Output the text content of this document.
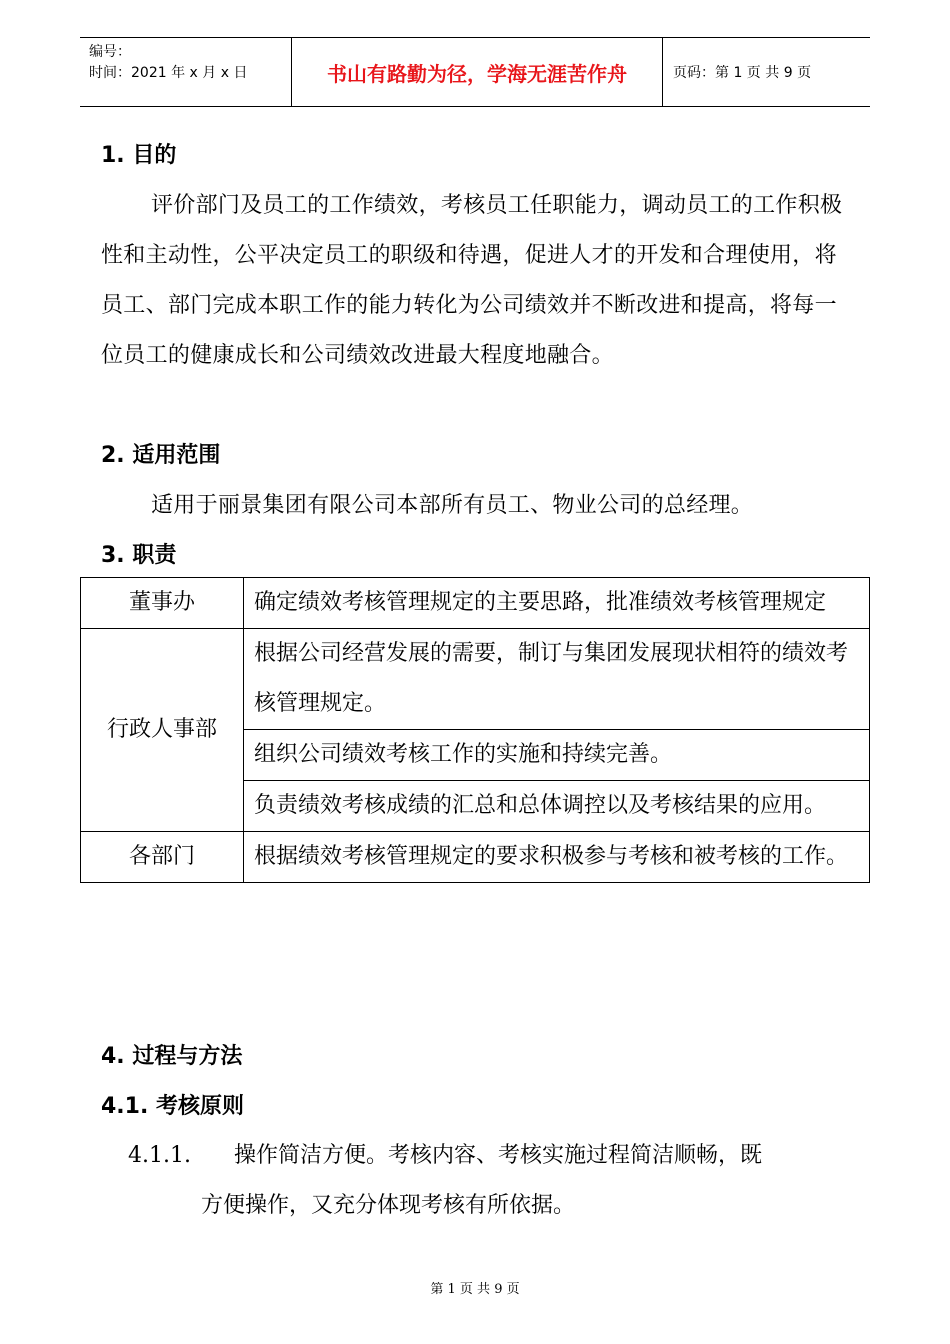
编号：
时间：2021 年 x 月 x 日	书山有路勤为径，学海无涯苦作舟	页码：第 1 页 共 9 页
1. 目的
评价部门及员工的工作绩效，考核员工任职能力，调动员工的工作积极性和主动性，公平决定员工的职级和待遇，促进人才的开发和合理使用，将员工、部门完成本职工作的能力转化为公司绩效并不断改进和提高，将每一位员工的健康成长和公司绩效改进最大程度地融合。
2. 适用范围
适用于丽景集团有限公司本部所有员工、物业公司的总经理。
3. 职责
董事办	确定绩效考核管理规定的主要思路，批准绩效考核管理规定
行政人事部	根据公司经营发展的需要，制订与集团发展现状相符的绩效考核管理规定。
	组织公司绩效考核工作的实施和持续完善。
	负责绩效考核成绩的汇总和总体调控以及考核结果的应用。
各部门	根据绩效考核管理规定的要求积极参与考核和被考核的工作。
4. 过程与方法
4.1. 考核原则
4.1.1. 操作简洁方便。考核内容、考核实施过程简洁顺畅，既
方便操作，又充分体现考核有所依据。
第 1 页 共 9 页
